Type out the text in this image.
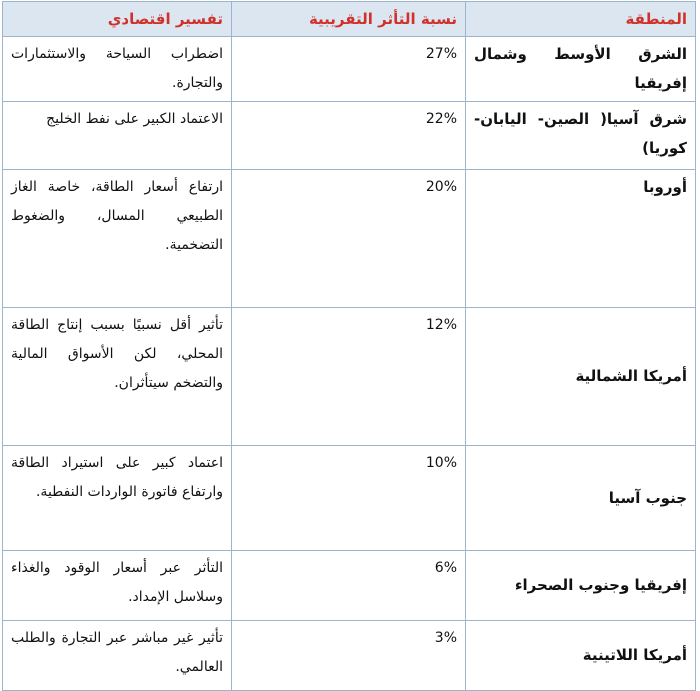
المنطقة	نسبة التأثر التقريبية	تفسير اقتصادي
الشرق الأوسط وشمال إفريقيا	27%	اضطراب السياحة والاستثمارات والتجارة.
شرق آسيا( الصين- اليابان- كوريا)	22%	الاعتماد الكبير على نفط الخليج
أوروبا	20%	ارتفاع أسعار الطاقة، خاصة الغاز الطبيعي المسال، والضغوط التضخمية.
أمريكا الشمالية	12%	تأثير أقل نسبيًا بسبب إنتاج الطاقة المحلي، لكن الأسواق المالية والتضخم سيتأثران.
جنوب آسيا	10%	اعتماد كبير على استيراد الطاقة وارتفاع فاتورة الواردات النفطية.
إفريقيا وجنوب الصحراء	6%	التأثر عبر أسعار الوقود والغذاء وسلاسل الإمداد.
أمريكا اللاتينية	3%	تأثير غير مباشر عبر التجارة والطلب العالمي.
